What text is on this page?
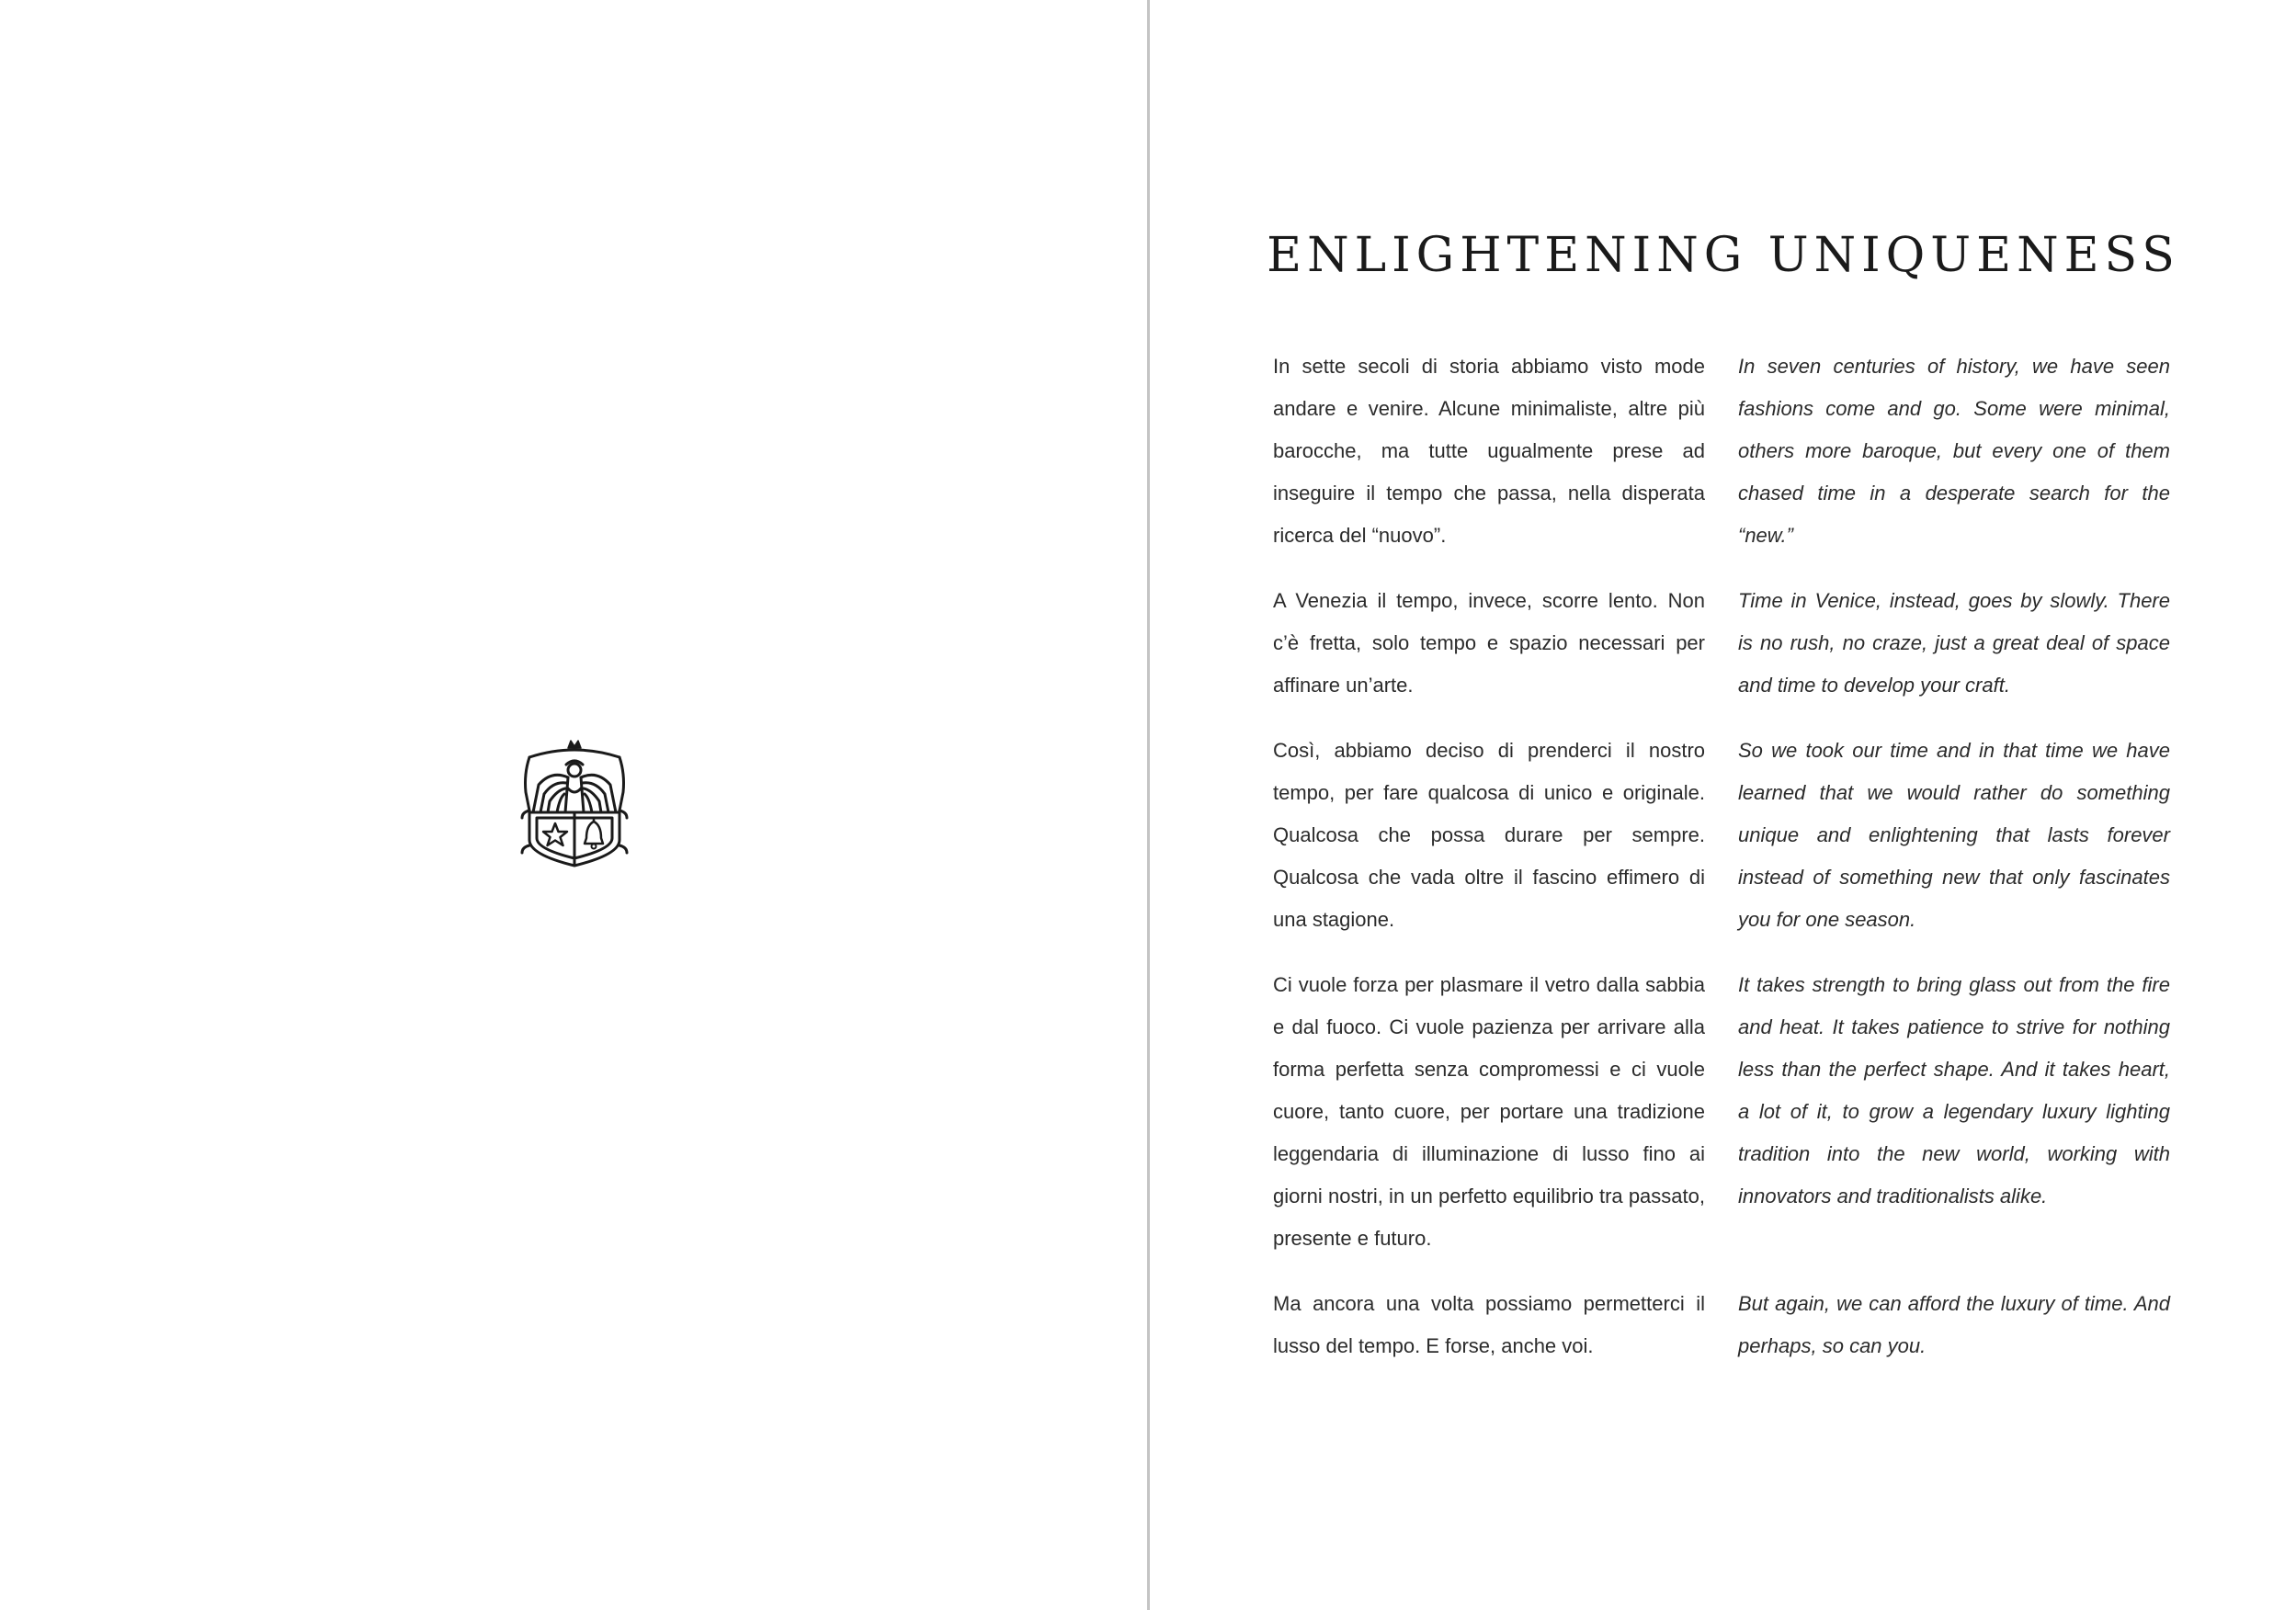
ENLIGHTENING UNIQUENESS

In sette secoli di storia abbiamo visto mode andare e venire. Alcune minimaliste, altre più barocche, ma tutte ugualmente prese ad inseguire il tempo che passa, nella disperata ricerca del “nuovo”.

In seven centuries of history, we have seen fashions come and go. Some were minimal, others more baroque, but every one of them chased time in a desperate search for the “new.”

A Venezia il tempo, invece, scorre lento. Non c’è fretta, solo tempo e spazio necessari per affinare un’arte.

Time in Venice, instead, goes by slowly. There is no rush, no craze, just a great deal of space and time to develop your craft.

Così, abbiamo deciso di prenderci il nostro tempo, per fare qualcosa di unico e originale. Qualcosa che possa durare per sempre. Qualcosa che vada oltre il fascino effimero di una stagione.

So we took our time and in that time we have learned that we would rather do something unique and enlightening that lasts forever instead of something new that only fascinates you for one season.

Ci vuole forza per plasmare il vetro dalla sabbia e dal fuoco. Ci vuole pazienza per arrivare alla forma perfetta senza compromessi e ci vuole cuore, tanto cuore, per portare una tradizione leggendaria di illuminazione di lusso fino ai giorni nostri, in un perfetto equilibrio tra passato, presente e futuro.

It takes strength to bring glass out from the fire and heat. It takes patience to strive for nothing less than the perfect shape. And it takes heart, a lot of it, to grow a legendary luxury lighting tradition into the new world, working with innovators and traditionalists alike.

Ma ancora una volta possiamo permetterci il lusso del tempo. E forse, anche voi.

But again, we can afford the luxury of time. And perhaps, so can you.
